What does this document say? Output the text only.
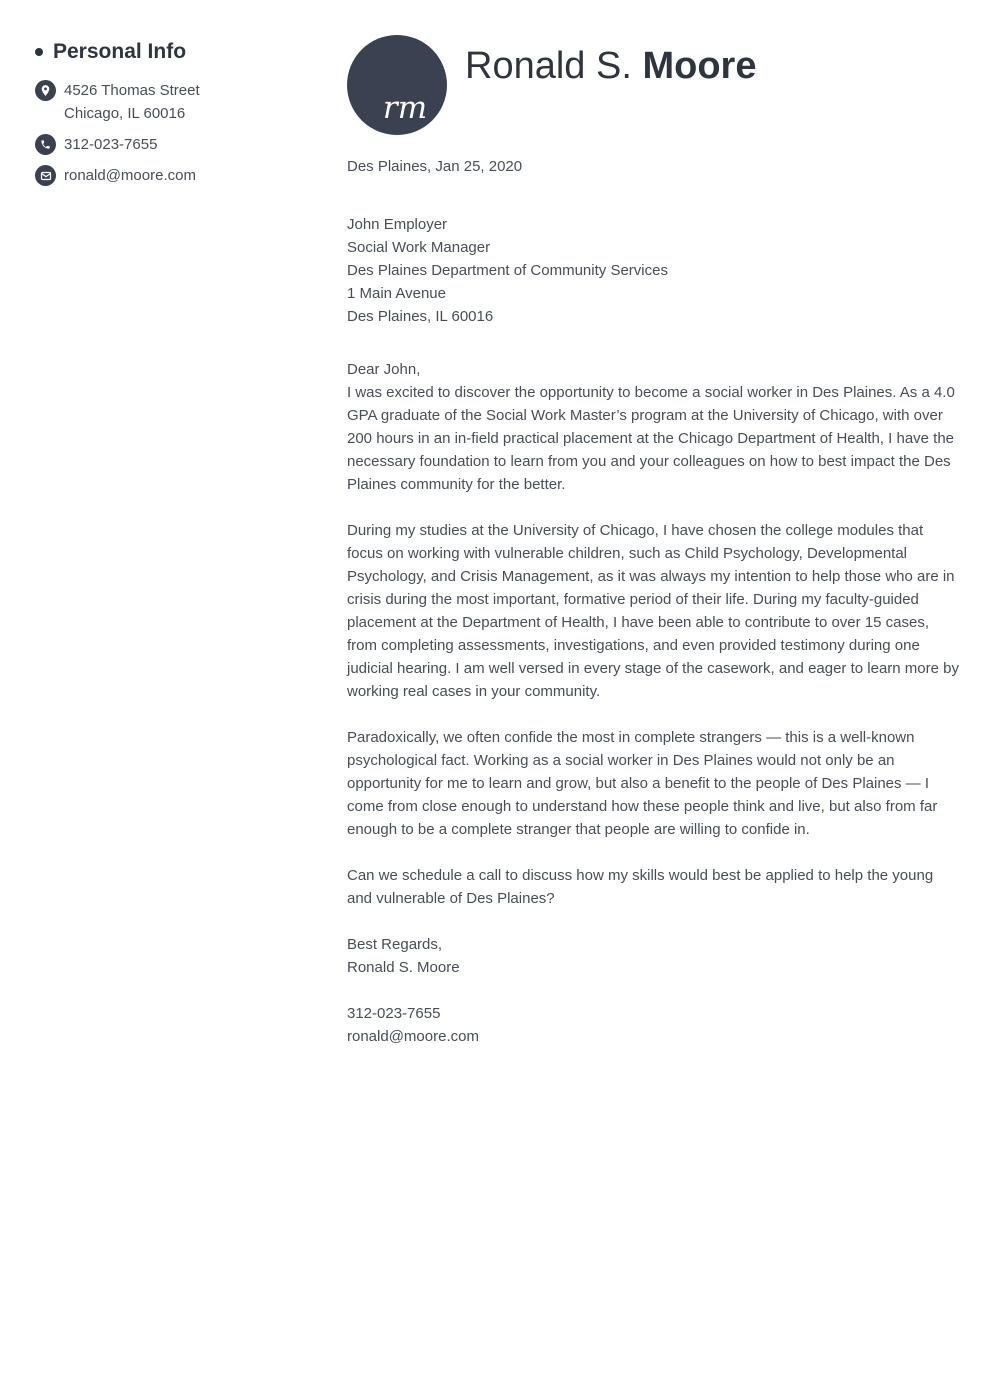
Personal Info
4526 Thomas Street
Chicago, IL 60016
312-023-7655
ronald@moore.com
rm
Ronald S. Moore

Des Plaines, Jan 25, 2020

John Employer
Social Work Manager
Des Plaines Department of Community Services
1 Main Avenue
Des Plaines, IL 60016

Dear John,

I was excited to discover the opportunity to become a social worker in Des Plaines. As a 4.0 GPA graduate of the Social Work Master’s program at the University of Chicago, with over 200 hours in an in-field practical placement at the Chicago Department of Health, I have the necessary foundation to learn from you and your colleagues on how to best impact the Des Plaines community for the better.

During my studies at the University of Chicago, I have chosen the college modules that focus on working with vulnerable children, such as Child Psychology, Developmental Psychology, and Crisis Management, as it was always my intention to help those who are in crisis during the most important, formative period of their life. During my faculty-guided placement at the Department of Health, I have been able to contribute to over 15 cases, from completing assessments, investigations, and even provided testimony during one judicial hearing. I am well versed in every stage of the casework, and eager to learn more by working real cases in your community.

Paradoxically, we often confide the most in complete strangers — this is a well-known psychological fact. Working as a social worker in Des Plaines would not only be an opportunity for me to learn and grow, but also a benefit to the people of Des Plaines — I come from close enough to understand how these people think and live, but also from far enough to be a complete stranger that people are willing to confide in.

Can we schedule a call to discuss how my skills would best be applied to help the young and vulnerable of Des Plaines?

Best Regards,
Ronald S. Moore
312-023-7655
ronald@moore.com
